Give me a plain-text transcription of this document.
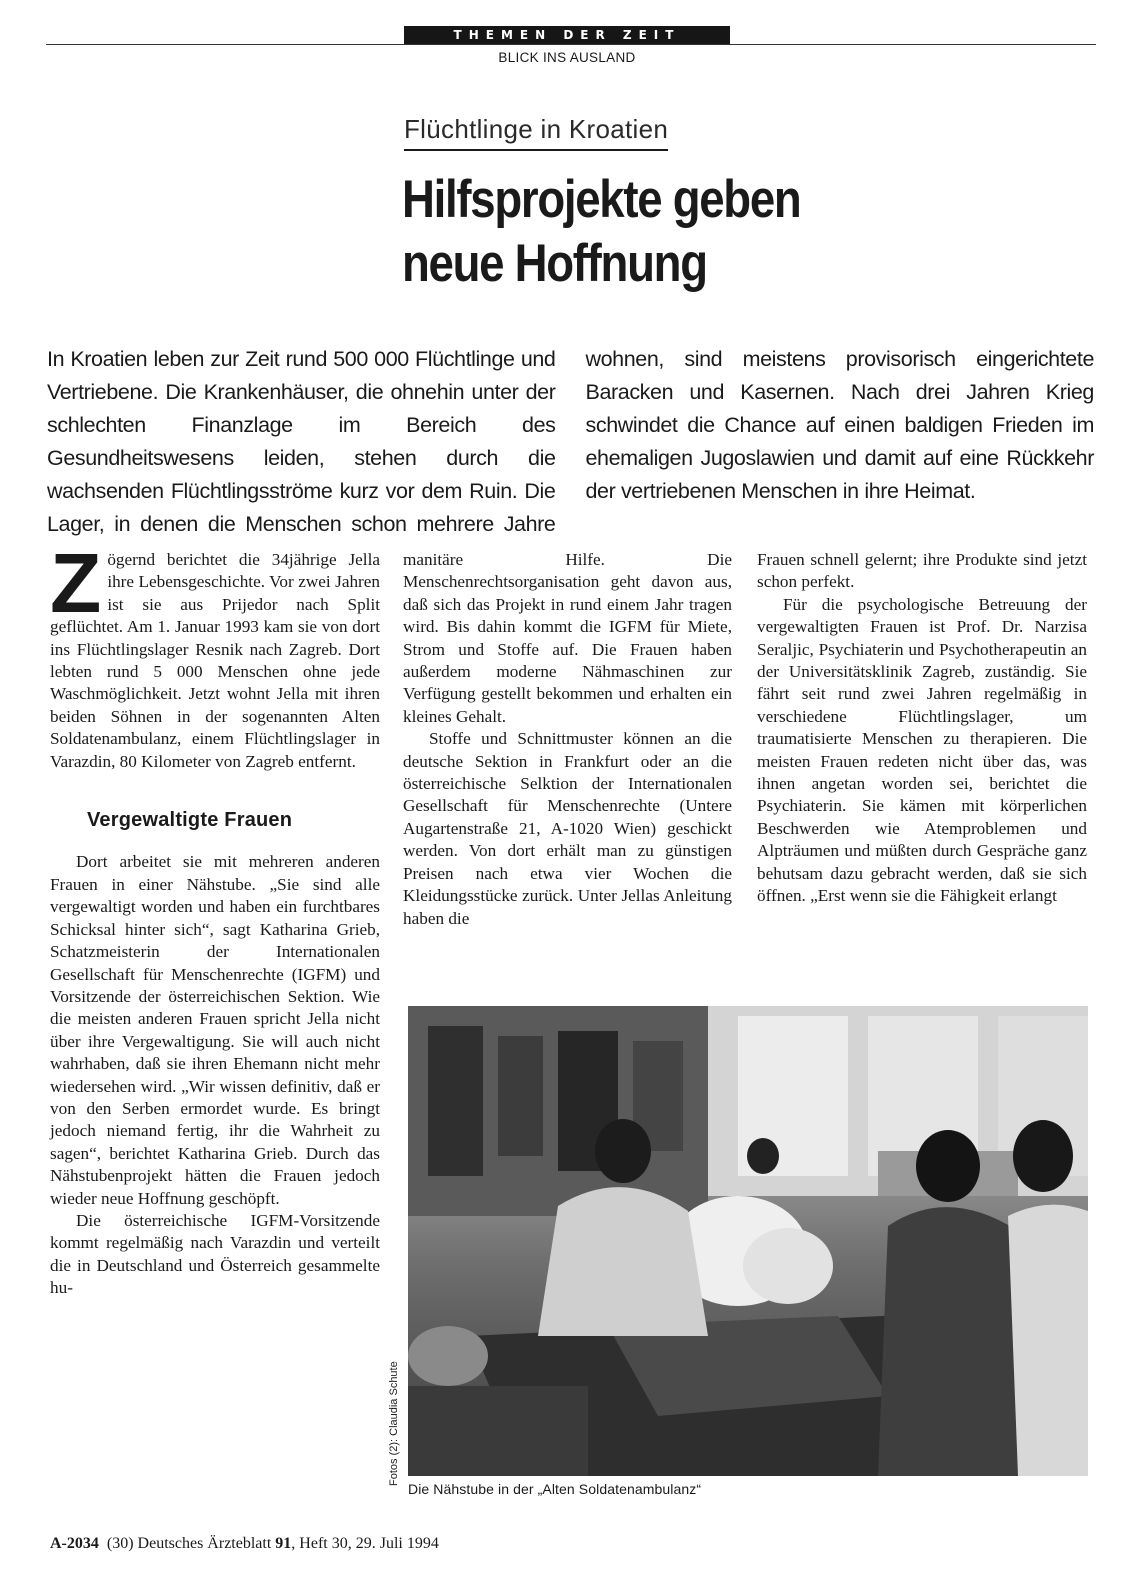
THEMEN DER ZEIT
BLICK INS AUSLAND
Flüchtlinge in Kroatien
Hilfsprojekte geben
neue Hoffnung

In Kroatien leben zur Zeit rund 500 000 Flüchtlinge und Vertriebene. Die Krankenhäuser, die ohnehin unter der schlechten Finanzlage im Bereich des Gesundheitswesens leiden, stehen durch die wachsenden Flüchtlingsströme kurz vor dem Ruin. Die Lager, in denen die Menschen schon mehrere Jahre wohnen, sind meistens provisorisch eingerichtete Baracken und Kasernen. Nach drei Jahren Krieg schwindet die Chance auf einen baldigen Frieden im ehemaligen Jugoslawien und damit auf eine Rückkehr der vertriebenen Menschen in ihre Heimat.

Zögernd berichtet die 34jährige Jella ihre Lebensgeschichte. Vor zwei Jahren ist sie aus Prijedor nach Split geflüchtet. Am 1. Januar 1993 kam sie von dort ins Flüchtlingslager Resnik nach Zagreb. Dort lebten rund 5 000 Menschen ohne jede Waschmöglichkeit. Jetzt wohnt Jella mit ihren beiden Söhnen in der sogenannten Alten Soldatenambulanz, einem Flüchtlingslager in Varazdin, 80 Kilometer von Zagreb entfernt.

Vergewaltigte Frauen

Dort arbeitet sie mit mehreren anderen Frauen in einer Nähstube. „Sie sind alle vergewaltigt worden und haben ein furchtbares Schicksal hinter sich“, sagt Katharina Grieb, Schatzmeisterin der Internationalen Gesellschaft für Menschenrechte (IGFM) und Vorsitzende der österreichischen Sektion. Wie die meisten anderen Frauen spricht Jella nicht über ihre Vergewaltigung. Sie will auch nicht wahrhaben, daß sie ihren Ehemann nicht mehr wiedersehen wird. „Wir wissen definitiv, daß er von den Serben ermordet wurde. Es bringt jedoch niemand fertig, ihr die Wahrheit zu sagen“, berichtet Katharina Grieb. Durch das Nähstubenprojekt hätten die Frauen jedoch wieder neue Hoffnung geschöpft.

Die österreichische IGFM-Vorsitzende kommt regelmäßig nach Varazdin und verteilt die in Deutschland und Österreich gesammelte hu-

manitäre Hilfe. Die Menschenrechtsorganisation geht davon aus, daß sich das Projekt in rund einem Jahr tragen wird. Bis dahin kommt die IGFM für Miete, Strom und Stoffe auf. Die Frauen haben außerdem moderne Nähmaschinen zur Verfügung gestellt bekommen und erhalten ein kleines Gehalt.

Stoffe und Schnittmuster können an die deutsche Sektion in Frankfurt oder an die österreichische Selktion der Internationalen Gesellschaft für Menschenrechte (Untere Augartenstraße 21, A-1020 Wien) geschickt werden. Von dort erhält man zu günstigen Preisen nach etwa vier Wochen die Kleidungsstücke zurück. Unter Jellas Anleitung haben die

Frauen schnell gelernt; ihre Produkte sind jetzt schon perfekt.

Für die psychologische Betreuung der vergewaltigten Frauen ist Prof. Dr. Narzisa Seraljic, Psychiaterin und Psychotherapeutin an der Universitätsklinik Zagreb, zuständig. Sie fährt seit rund zwei Jahren regelmäßig in verschiedene Flüchtlingslager, um traumatisierte Menschen zu therapieren. Die meisten Frauen redeten nicht über das, was ihnen angetan worden sei, berichtet die Psychiaterin. Sie kämen mit körperlichen Beschwerden wie Atemproblemen und Alpträumen und müßten durch Gespräche ganz behutsam dazu gebracht werden, daß sie sich öffnen. „Erst wenn sie die Fähigkeit erlangt

Fotos (2): Claudia Schute
Die Nähstube in der „Alten Soldatenambulanz“
A-2034 (30) Deutsches Ärzteblatt 91, Heft 30, 29. Juli 1994
